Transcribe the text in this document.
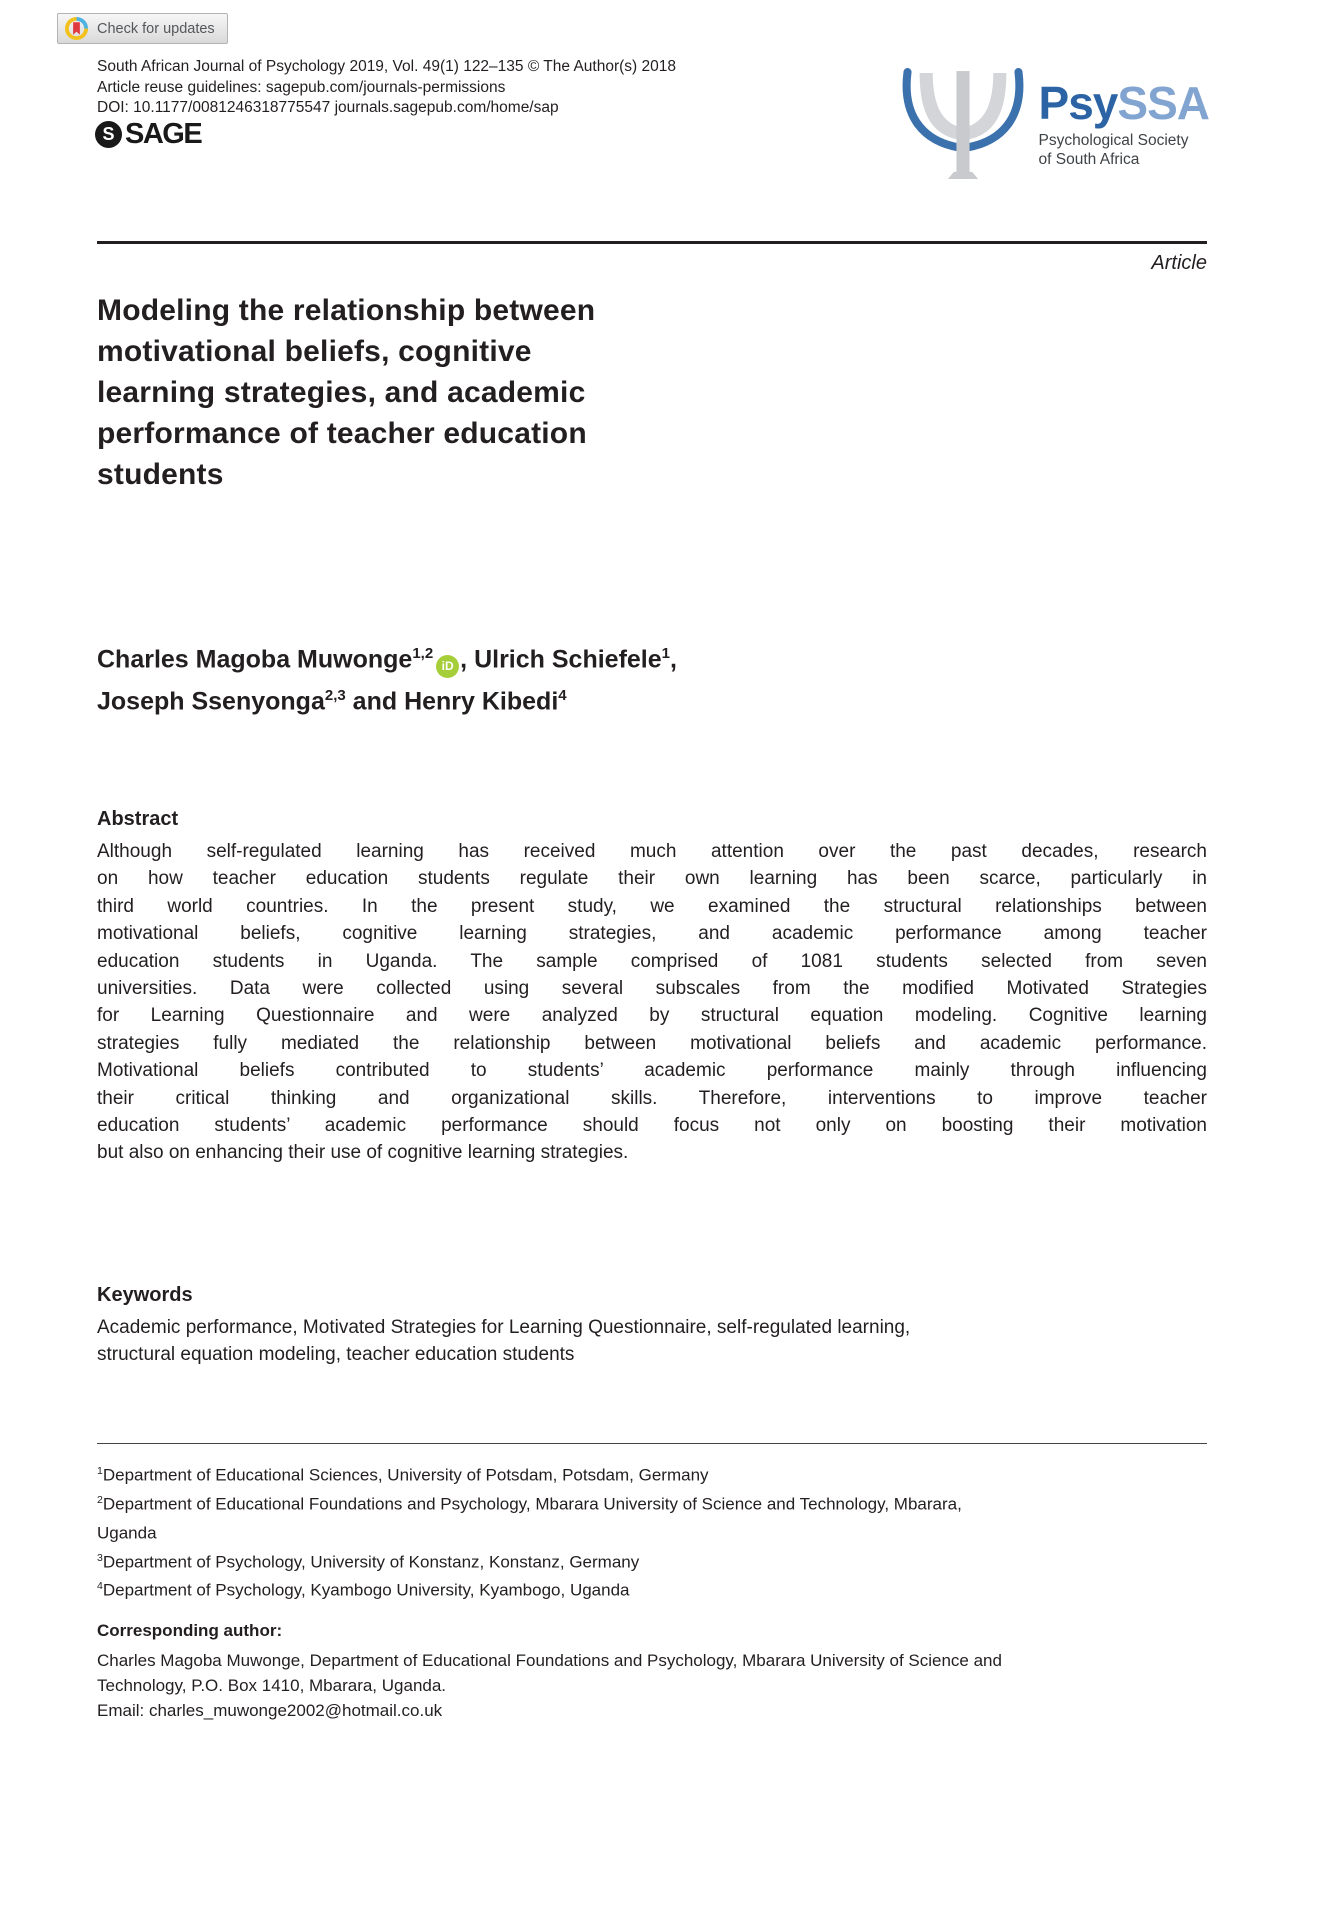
Check for updates
South African Journal of Psychology 2019, Vol. 49(1) 122–135 © The Author(s) 2018
Article reuse guidelines: sagepub.com/journals-permissions
DOI: 10.1177/0081246318775547 journals.sagepub.com/home/sap
S SAGE
PsySSA
Psychological Society
of South Africa
Article
Modeling the relationship between
motivational beliefs, cognitive
learning strategies, and academic
performance of teacher education
students
Charles Magoba Muwonge$^{1,2}$iD , Ulrich Schiefele$^1$,
Joseph Ssenyonga$^{2,3}$ and Henry Kibedi$^4$
Abstract
Although self-regulated learning has received much attention over the past decades, research
on how teacher education students regulate their own learning has been scarce, particularly in
third world countries. In the present study, we examined the structural relationships between
motivational beliefs, cognitive learning strategies, and academic performance among teacher
education students in Uganda. The sample comprised of 1081 students selected from seven
universities. Data were collected using several subscales from the modified Motivated Strategies
for Learning Questionnaire and were analyzed by structural equation modeling. Cognitive learning
strategies fully mediated the relationship between motivational beliefs and academic performance.
Motivational beliefs contributed to students’ academic performance mainly through influencing
their critical thinking and organizational skills. Therefore, interventions to improve teacher
education students’ academic performance should focus not only on boosting their motivation
but also on enhancing their use of cognitive learning strategies.
Keywords
Academic performance, Motivated Strategies for Learning Questionnaire, self-regulated learning,
structural equation modeling, teacher education students
$^1$Department of Educational Sciences, University of Potsdam, Potsdam, Germany
$^2$Department of Educational Foundations and Psychology, Mbarara University of Science and Technology, Mbarara,
Uganda
$^3$Department of Psychology, University of Konstanz, Konstanz, Germany
$^4$Department of Psychology, Kyambogo University, Kyambogo, Uganda
Corresponding author:
Charles Magoba Muwonge, Department of Educational Foundations and Psychology, Mbarara University of Science and
Technology, P.O. Box 1410, Mbarara, Uganda.
Email: charles_muwonge2002@hotmail.co.uk
